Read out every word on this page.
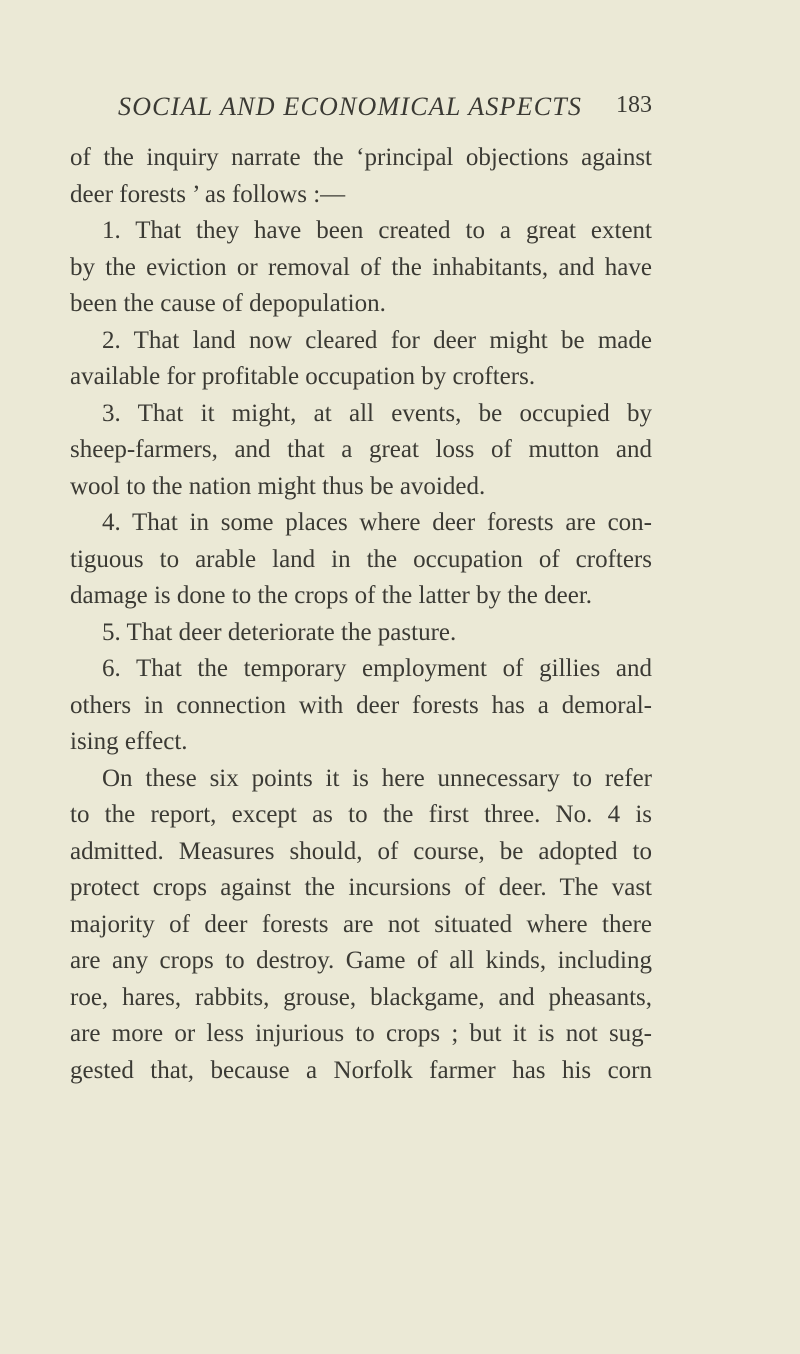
SOCIAL AND ECONOMICAL ASPECTS 183
of the inquiry narrate the ‘principal objections against
deer forests ’ as follows :—
1. That they have been created to a great extent
by the eviction or removal of the inhabitants, and have
been the cause of depopulation.
2. That land now cleared for deer might be made
available for profitable occupation by crofters.
3. That it might, at all events, be occupied by
sheep-farmers, and that a great loss of mutton and
wool to the nation might thus be avoided.
4. That in some places where deer forests are con-
tiguous to arable land in the occupation of crofters
damage is done to the crops of the latter by the deer.
5. That deer deteriorate the pasture.
6. That the temporary employment of gillies and
others in connection with deer forests has a demoral-
ising effect.
On these six points it is here unnecessary to refer
to the report, except as to the first three. No. 4 is
admitted. Measures should, of course, be adopted to
protect crops against the incursions of deer. The vast
majority of deer forests are not situated where there
are any crops to destroy. Game of all kinds, including
roe, hares, rabbits, grouse, blackgame, and pheasants,
are more or less injurious to crops ; but it is not sug-
gested that, because a Norfolk farmer has his corn
